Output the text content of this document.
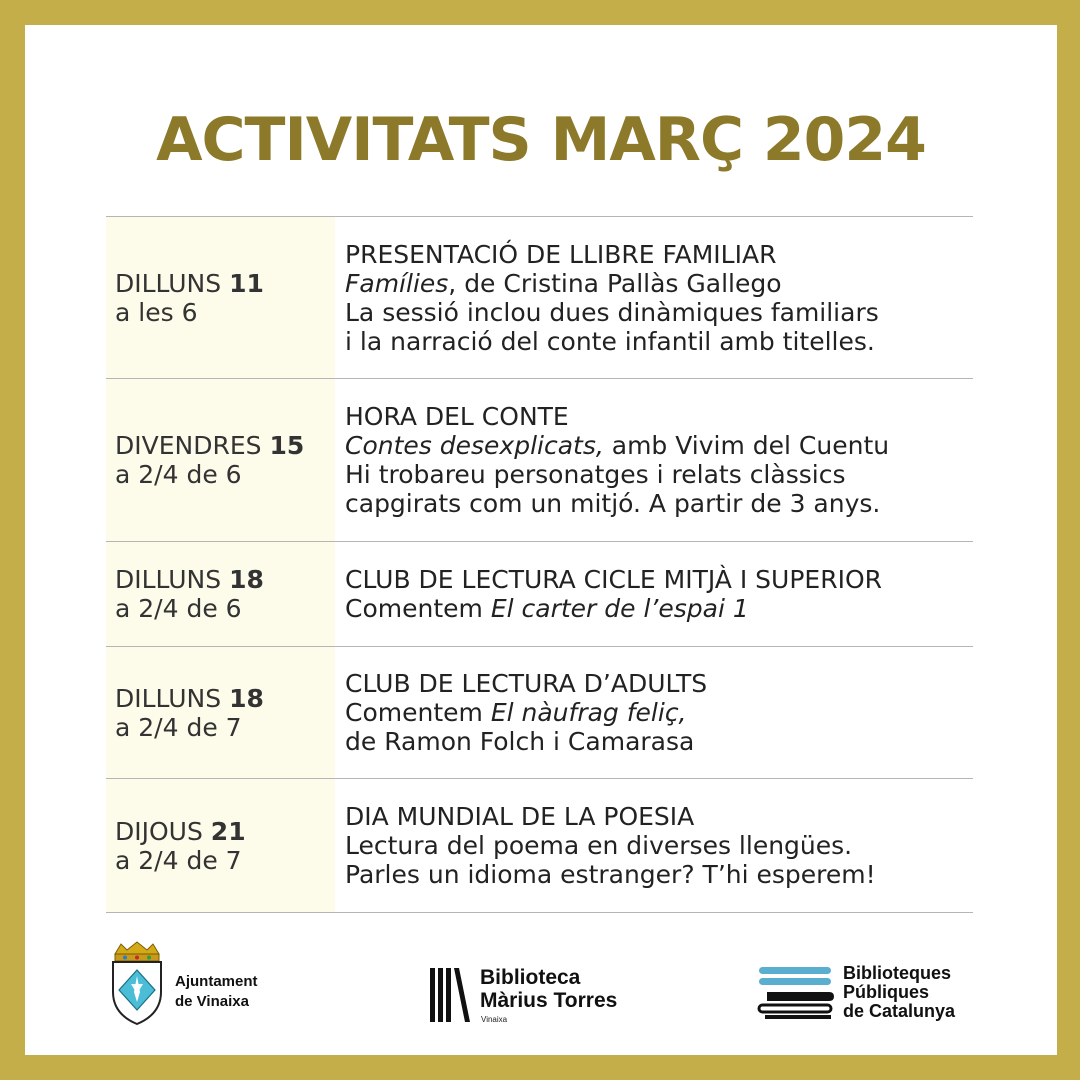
ACTIVITATS MARÇ 2024
DILLUNS 11
a les 6
PRESENTACIÓ DE LLIBRE FAMILIAR
Famílies, de Cristina Pallàs Gallego
La sessió inclou dues dinàmiques familiars
i la narració del conte infantil amb titelles.
DIVENDRES 15
a 2/4 de 6
HORA DEL CONTE
Contes desexplicats, amb Vivim del Cuentu
Hi trobareu personatges i relats clàssics
capgirats com un mitjó. A partir de 3 anys.
DILLUNS 18
a 2/4 de 6
CLUB DE LECTURA CICLE MITJÀ I SUPERIOR
Comentem El carter de l’espai 1
DILLUNS 18
a 2/4 de 7
CLUB DE LECTURA D’ADULTS
Comentem El nàufrag feliç,
de Ramon Folch i Camarasa
DIJOUS 21
a 2/4 de 7
DIA MUNDIAL DE LA POESIA
Lectura del poema en diverses llengües.
Parles un idioma estranger? T’hi esperem!
Ajuntament
de Vinaixa
Biblioteca
Màrius Torres
Vinaixa
Biblioteques
Públiques
de Catalunya
